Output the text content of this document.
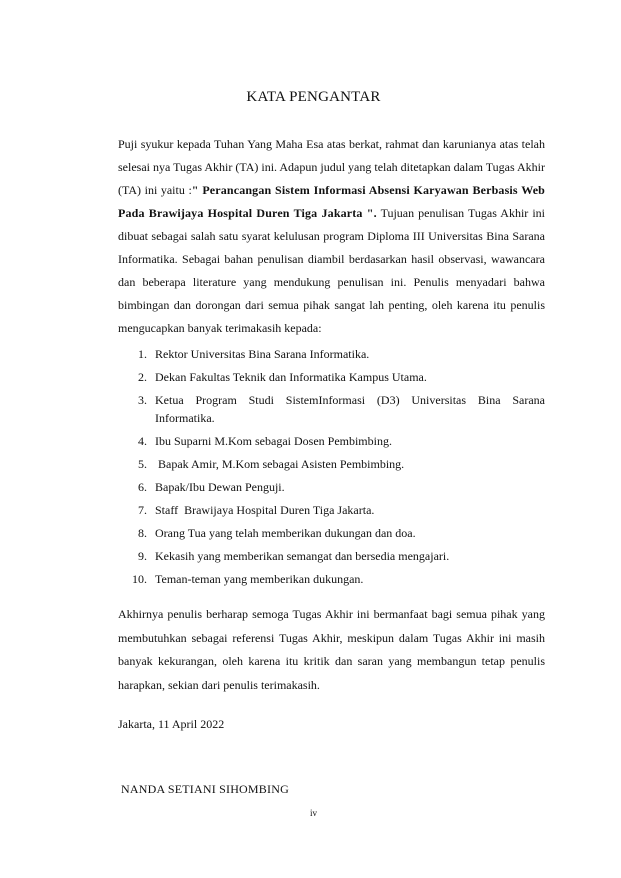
KATA PENGANTAR

Puji syukur kepada Tuhan Yang Maha Esa atas berkat, rahmat dan karunianya atas telah selesai nya Tugas Akhir (TA) ini. Adapun judul yang telah ditetapkan dalam Tugas Akhir (TA) ini yaitu :" Perancangan Sistem Informasi Absensi Karyawan Berbasis Web Pada Brawijaya Hospital Duren Tiga Jakarta ". Tujuan penulisan Tugas Akhir ini dibuat sebagai salah satu syarat kelulusan program Diploma III Universitas Bina Sarana Informatika. Sebagai bahan penulisan diambil berdasarkan hasil observasi, wawancara dan beberapa literature yang mendukung penulisan ini. Penulis menyadari bahwa bimbingan dan dorongan dari semua pihak sangat lah penting, oleh karena itu penulis mengucapkan banyak terimakasih kepada:

1. Rektor Universitas Bina Sarana Informatika.
2. Dekan Fakultas Teknik dan Informatika Kampus Utama.
3. Ketua Program Studi SistemInformasi (D3) Universitas Bina Sarana Informatika.
4. Ibu Suparni M.Kom sebagai Dosen Pembimbing.
5. Bapak Amir, M.Kom sebagai Asisten Pembimbing.
6. Bapak/Ibu Dewan Penguji.
7. Staff  Brawijaya Hospital Duren Tiga Jakarta.
8. Orang Tua yang telah memberikan dukungan dan doa.
9. Kekasih yang memberikan semangat dan bersedia mengajari.
10. Teman-teman yang memberikan dukungan.

Akhirnya penulis berharap semoga Tugas Akhir ini bermanfaat bagi semua pihak yang membutuhkan sebagai referensi Tugas Akhir, meskipun dalam Tugas Akhir ini masih banyak kekurangan, oleh karena itu kritik dan saran yang membangun tetap penulis harapkan, sekian dari penulis terimakasih.

Jakarta, 11 April 2022
NANDA SETIANI SIHOMBING
iv
